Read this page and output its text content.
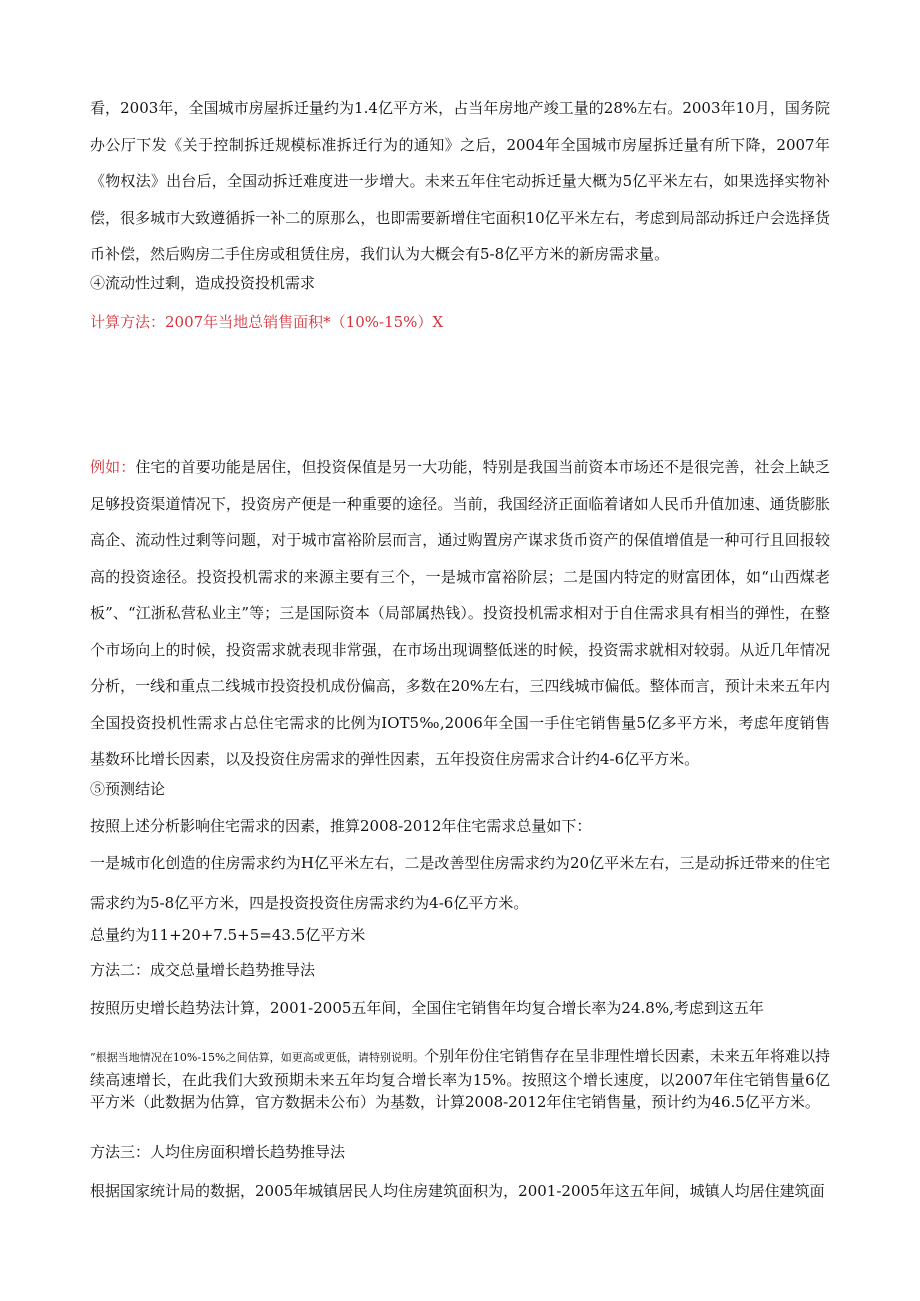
看，2003年，全国城市房屋拆迁量约为1.4亿平方米，占当年房地产竣工量的28%左右。2003年10月，国务院办公厅下发《关于控制拆迁规模标准拆迁行为的通知》之后，2004年全国城市房屋拆迁量有所下降，2007年《物权法》出台后，全国动拆迁难度进一步增大。未来五年住宅动拆迁量大概为5亿平米左右，如果选择实物补偿，很多城市大致遵循拆一补二的原那么，也即需要新增住宅面积10亿平米左右，考虑到局部动拆迁户会选择货币补偿，然后购房二手住房或租赁住房，我们认为大概会有5-8亿平方米的新房需求量。

④流动性过剩，造成投资投机需求

计算方法：2007年当地总销售面积*（10%-15%）X

例如：住宅的首要功能是居住，但投资保值是另一大功能，特别是我国当前资本市场还不是很完善，社会上缺乏足够投资渠道情况下，投资房产便是一种重要的途径。当前，我国经济正面临着诸如人民币升值加速、通货膨胀高企、流动性过剩等问题，对于城市富裕阶层而言，通过购置房产谋求货币资产的保值增值是一种可行且回报较高的投资途径。投资投机需求的来源主要有三个，一是城市富裕阶层；二是国内特定的财富团体，如“山西煤老板”、“江浙私营私业主”等；三是国际资本（局部属热钱）。投资投机需求相对于自住需求具有相当的弹性，在整个市场向上的时候，投资需求就表现非常强，在市场出现调整低迷的时候，投资需求就相对较弱。从近几年情况分析，一线和重点二线城市投资投机成份偏高，多数在20%左右，三四线城市偏低。整体而言，预计未来五年内全国投资投机性需求占总住宅需求的比例为IOT5‰,2006年全国一手住宅销售量5亿多平方米，考虑年度销售基数环比增长因素，以及投资住房需求的弹性因素，五年投资住房需求合计约4-6亿平方米。

⑤预测结论

按照上述分析影响住宅需求的因素，推算2008-2012年住宅需求总量如下：

一是城市化创造的住房需求约为H亿平米左右，二是改善型住房需求约为20亿平米左右，三是动拆迁带来的住宅需求约为5-8亿平方米，四是投资投资住房需求约为4-6亿平方米。

总量约为11+20+7.5+5=43.5亿平方米

方法二：成交总量增长趋势推导法

按照历史增长趋势法计算，2001-2005五年间，全国住宅销售年均复合增长率为24.8%,考虑到这五年

”根据当地情况在10%-15%之间估算，如更高或更低，请特别说明。个别年份住宅销售存在呈非理性增长因素，未来五年将难以持续高速增长，在此我们大致预期未来五年均复合增长率为15%。按照这个增长速度，以2007年住宅销售量6亿平方米（此数据为估算，官方数据未公布）为基数，计算2008-2012年住宅销售量，预计约为46.5亿平方米。

方法三：人均住房面积增长趋势推导法

根据国家统计局的数据，2005年城镇居民人均住房建筑面积为，2001-2005年这五年间，城镇人均居住建筑面
